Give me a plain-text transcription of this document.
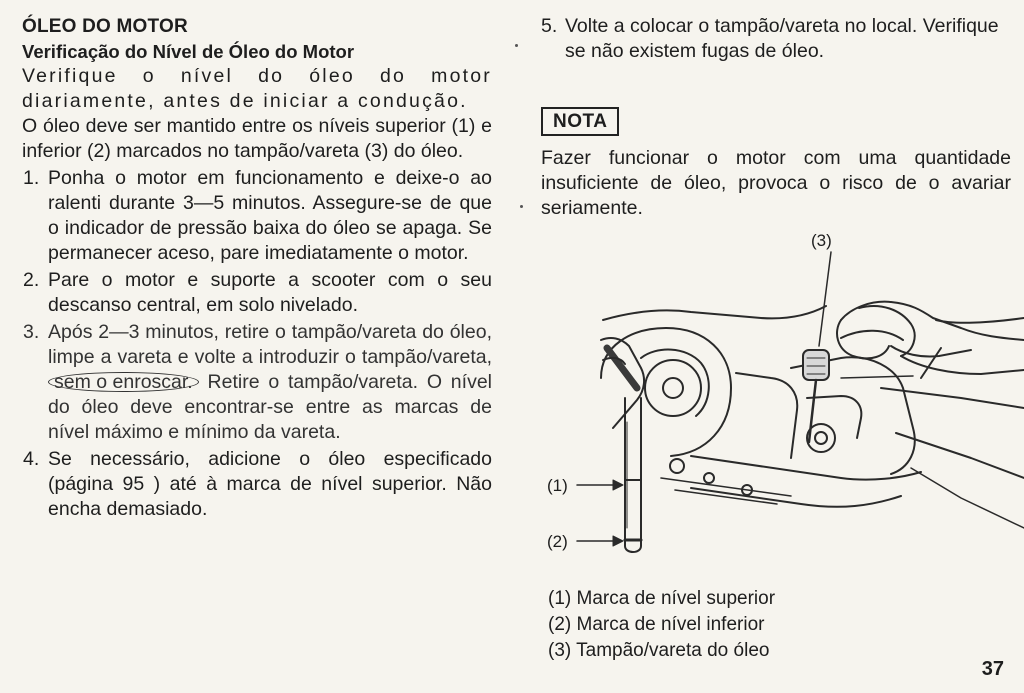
ÓLEO DO MOTOR
Verificação do Nível de Óleo do Motor
Verifique o nível do óleo do motor diariamente, antes de iniciar a condução.
O óleo deve ser mantido entre os níveis superior (1) e inferior (2) marcados no tampão/vareta (3) do óleo.
1. Ponha o motor em funcionamento e deixe-o ao ralenti durante 3—5 minutos. Assegure-se de que o indicador de pressão baixa do óleo se apaga. Se permanecer aceso, pare imediatamente o motor.
2. Pare o motor e suporte a scooter com o seu descanso central, em solo nivelado.
3. Após 2—3 minutos, retire o tampão/vareta do óleo, limpe a vareta e volte a introduzir o tampão/vareta, sem o enroscar. Retire o tampão/vareta. O nível do óleo deve encontrar-se entre as marcas de nível máximo e mínimo da vareta.
4. Se necessário, adicione o óleo especificado (página 95 ) até à marca de nível superior. Não encha demasiado.
5. Volte a colocar o tampão/vareta no local. Verifique se não existem fugas de óleo.
NOTA
Fazer funcionar o motor com uma quantidade insuficiente de óleo, provoca o risco de o avariar seriamente.
(3)
(1)
(2)
(1) Marca de nível superior
(2) Marca de nível inferior
(3) Tampão/vareta do óleo
37
